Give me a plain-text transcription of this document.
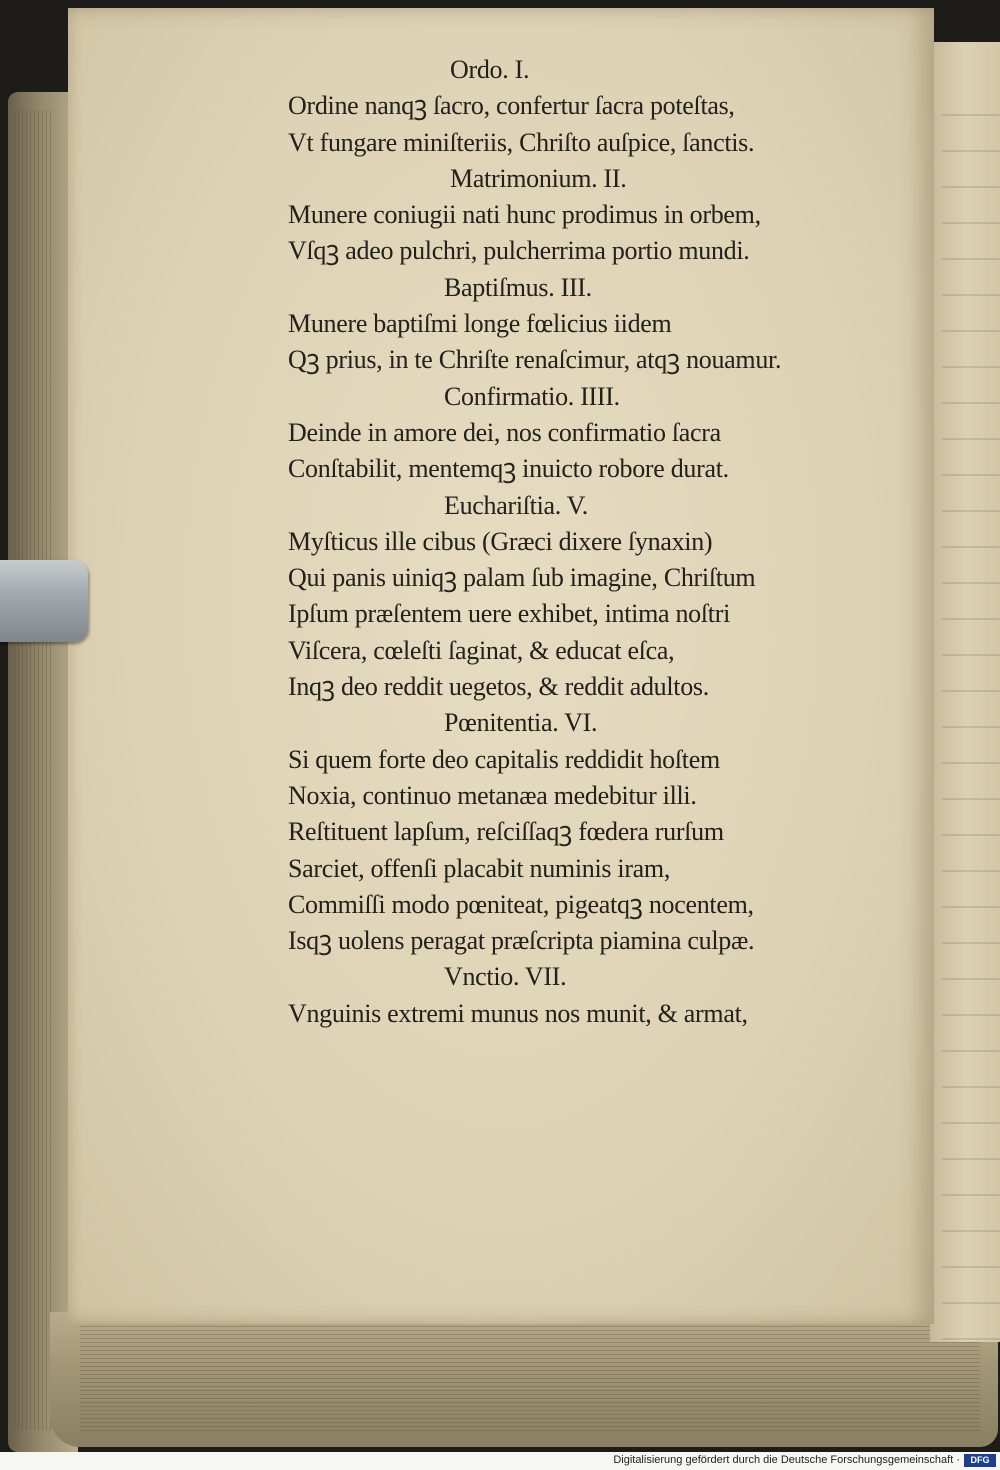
Ordo. I.
Ordine nanqꝫ ſacro, confertur ſacra poteſtas,
Vt fungare miniſteriis, Chriſto auſpice, ſanctis.
Matrimonium. II.
Munere coniugii nati hunc prodimus in orbem,
Vſqꝫ adeo pulchri, pulcherrima portio mundi.
Baptiſmus. III.
Munere baptiſmi longe fœlicius iidem
Qꝫ prius, in te Chriſte renaſcimur, atqꝫ nouamur.
Confirmatio. IIII.
Deinde in amore dei, nos confirmatio ſacra
Conſtabilit, mentemqꝫ inuicto robore durat.
Euchariſtia. V.
Myſticus ille cibus (Græci dixere ſynaxin)
Qui panis uiniqꝫ palam ſub imagine, Chriſtum
Ipſum præſentem uere exhibet, intima noſtri
Viſcera, cœleſti ſaginat, & educat eſca,
Inqꝫ deo reddit uegetos, & reddit adultos.
Pœnitentia. VI.
Si quem forte deo capitalis reddidit hoſtem
Noxia, continuo metanæa medebitur illi.
Reſtituent lapſum, reſciſſaqꝫ fœdera rurſum
Sarciet, offenſi placabit numinis iram,
Commiſſi modo pœniteat, pigeatqꝫ nocentem,
Isqꝫ uolens peragat præſcripta piamina culpæ.
Vnctio. VII.
Vnguinis extremi munus nos munit, & armat,
Digitalisierung gefördert durch die Deutsche Forschungsgemeinschaft ·	DFG
